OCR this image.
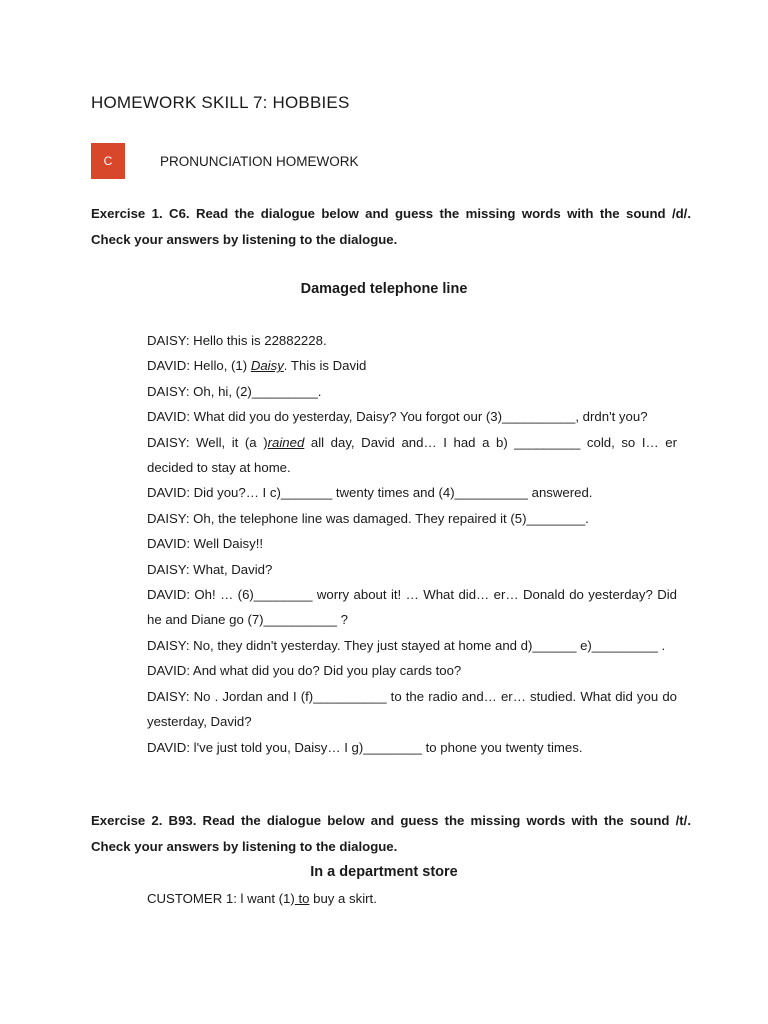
HOMEWORK SKILL 7: HOBBIES
C	PRONUNCIATION HOMEWORK

Exercise 1. C6. Read the dialogue below and guess the missing words with the sound /d/.
Check your answers by listening to the dialogue.

Damaged telephone line
DAISY: Hello this is 22882228.
DAVID: Hello, (1) Daisy. This is David
DAISY: Oh, hi, (2)_________.
DAVID: What did you do yesterday, Daisy? You forgot our (3)__________, drdn't you?
DAISY: Well, it (a )rained all day, David and… I had a b) _________ cold, so I… er
decided to stay at home.
DAVID: Did you?… I c)_______ twenty times and (4)__________ answered.
DAISY: Oh, the telephone line was damaged. They repaired it (5)________.
DAVID: Well Daisy!!
DAISY: What, David?
DAVID: Oh! … (6)________ worry about it! … What did… er… Donald do yesterday? Did
he and Diane go (7)__________ ?
DAISY: No, they didn't yesterday. They just stayed at home and d)______ e)_________ .
DAVID: And what did you do? Did you play cards too?
DAISY: No . Jordan and I (f)__________ to the radio and… er… studied. What did you do
yesterday, David?
DAVID: l've just told you, Daisy… I g)________ to phone you twenty times.

Exercise 2. B93. Read the dialogue below and guess the missing words with the sound /t/.
Check your answers by listening to the dialogue.

In a department store
CUSTOMER 1: l want (1) to buy a skirt.
